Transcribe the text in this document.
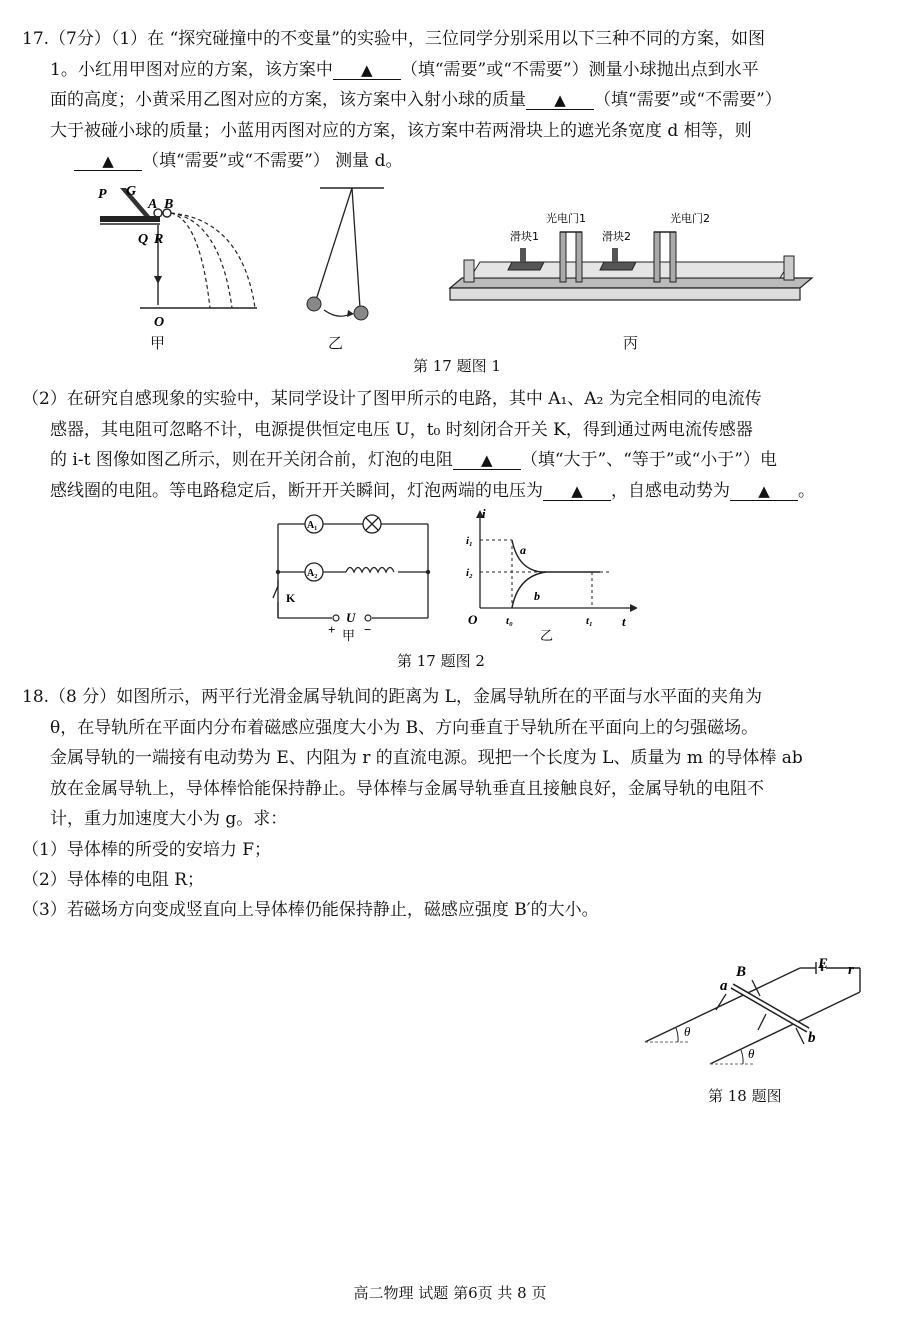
17.（7分）（1）在 “探究碰撞中的不变量”的实验中，三位同学分别采用以下三种不同的方案，如图
1。小红用甲图对应的方案，该方案中 ▲ （填“需要”或“不需要”）测量小球抛出点到水平
面的高度；小黄采用乙图对应的方案，该方案中入射小球的质量 ▲ （填“需要”或“不需要”）
大于被碰小球的质量；小蓝用丙图对应的方案，该方案中若两滑块上的遮光条宽度 d 相等，则
▲ （填“需要”或“不需要”） 测量 d。
P G
A B
Q R
O
甲	乙
光电门1
滑块1	滑块2
光电门2
丙
第 17 题图 1
（2）在研究自感现象的实验中，某同学设计了图甲所示的电路，其中 A₁、A₂ 为完全相同的电流传
感器，其电阻可忽略不计，电源提供恒定电压 U，t₀ 时刻闭合开关 K，得到通过两电流传感器
的 i-t 图像如图乙所示，则在开关闭合前，灯泡的电阻 ▲ （填“大于”、“等于”或“小于”）电
感线圈的电阻。等电路稳定后，断开开关瞬间，灯泡两端的电压为 ▲ ，自感电动势为 ▲ 。
A₁
A₂
K
U
+ −
甲
i
t
O
i₁
i₂
t₀	t₁
a
b
乙
第 17 题图 2
18.（8 分）如图所示，两平行光滑金属导轨间的距离为 L，金属导轨所在的平面与水平面的夹角为
θ，在导轨所在平面内分布着磁感应强度大小为 B、方向垂直于导轨所在平面向上的匀强磁场。
金属导轨的一端接有电动势为 E、内阻为 r 的直流电源。现把一个长度为 L、质量为 m 的导体棒 ab
放在金属导轨上，导体棒恰能保持静止。导体棒与金属导轨垂直且接触良好，金属导轨的电阻不
计，重力加速度大小为 g。求：
（1）导体棒的所受的安培力 F；
（2）导体棒的电阻 R；
（3）若磁场方向变成竖直向上导体棒仍能保持静止，磁感应强度 B′的大小。
B	E r
a
b
θ
θ
第 18 题图
高二物理 试题 第6页 共 8 页
